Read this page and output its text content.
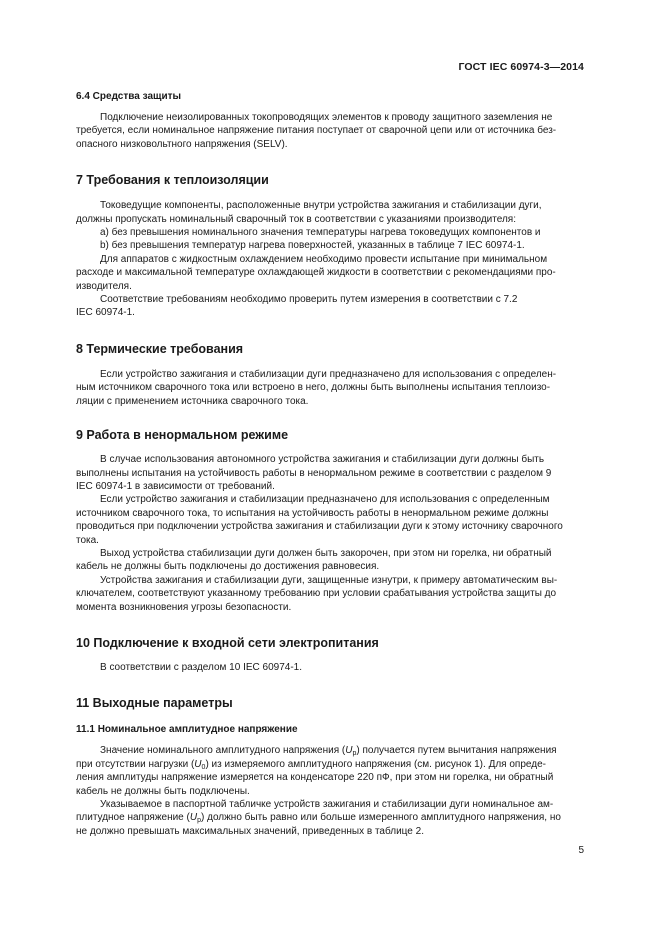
ГОСТ IEC 60974-3—2014

6.4 Средства защиты

Подключение неизолированных токопроводящих элементов к проводу защитного заземления не
требуется, если номинальное напряжение питания поступает от сварочной цепи или от источника без-
опасного низковольтного напряжения (SELV).

7 Требования к теплоизоляции

Токоведущие компоненты, расположенные внутри устройства зажигания и стабилизации дуги,
должны пропускать номинальный сварочный ток в соответствии с указаниями производителя:

a) без превышения номинального значения температуры нагрева токоведущих компонентов и

b) без превышения температур нагрева поверхностей, указанных в таблице 7 IEC 60974-1.

Для аппаратов с жидкостным охлаждением необходимо провести испытание при минимальном
расходе и максимальной температуре охлаждающей жидкости в соответствии с рекомендациями про-
изводителя.

Соответствие требованиям необходимо проверить путем измерения в соответствии с 7.2
IEC 60974-1.

8 Термические требования

Если устройство зажигания и стабилизации дуги предназначено для использования с определен-
ным источником сварочного тока или встроено в него, должны быть выполнены испытания теплоизо-
ляции с применением источника сварочного тока.

9 Работа в ненормальном режиме

В случае использования автономного устройства зажигания и стабилизации дуги должны быть
выполнены испытания на устойчивость работы в ненормальном режиме в соответствии с разделом 9
IEC 60974-1 в зависимости от требований.

Если устройство зажигания и стабилизации предназначено для использования с определенным
источником сварочного тока, то испытания на устойчивость работы в ненормальном режиме должны
проводиться при подключении устройства зажигания и стабилизации дуги к этому источнику сварочного
тока.

Выход устройства стабилизации дуги должен быть закорочен, при этом ни горелка, ни обратный
кабель не должны быть подключены до достижения равновесия.

Устройства зажигания и стабилизации дуги, защищенные изнутри, к примеру автоматическим вы-
ключателем, соответствуют указанному требованию при условии срабатывания устройства защиты до
момента возникновения угрозы безопасности.

10 Подключение к входной сети электропитания

В соответствии с разделом 10 IEC 60974-1.

11 Выходные параметры

11.1 Номинальное амплитудное напряжение

Значение номинального амплитудного напряжения $(U_p)$ получается путем вычитания напряжения
при отсутствии нагрузки $(U_0)$ из измеряемого амплитудного напряжения (см. рисунок 1). Для опреде-
ления амплитуды напряжение измеряется на конденсаторе 220 пФ, при этом ни горелка, ни обратный
кабель не должны быть подключены.

Указываемое в паспортной табличке устройств зажигания и стабилизации дуги номинальное ам-
плитудное напряжение $(U_p)$ должно быть равно или больше измеренного амплитудного напряжения, но
не должно превышать максимальных значений, приведенных в таблице 2.

5
